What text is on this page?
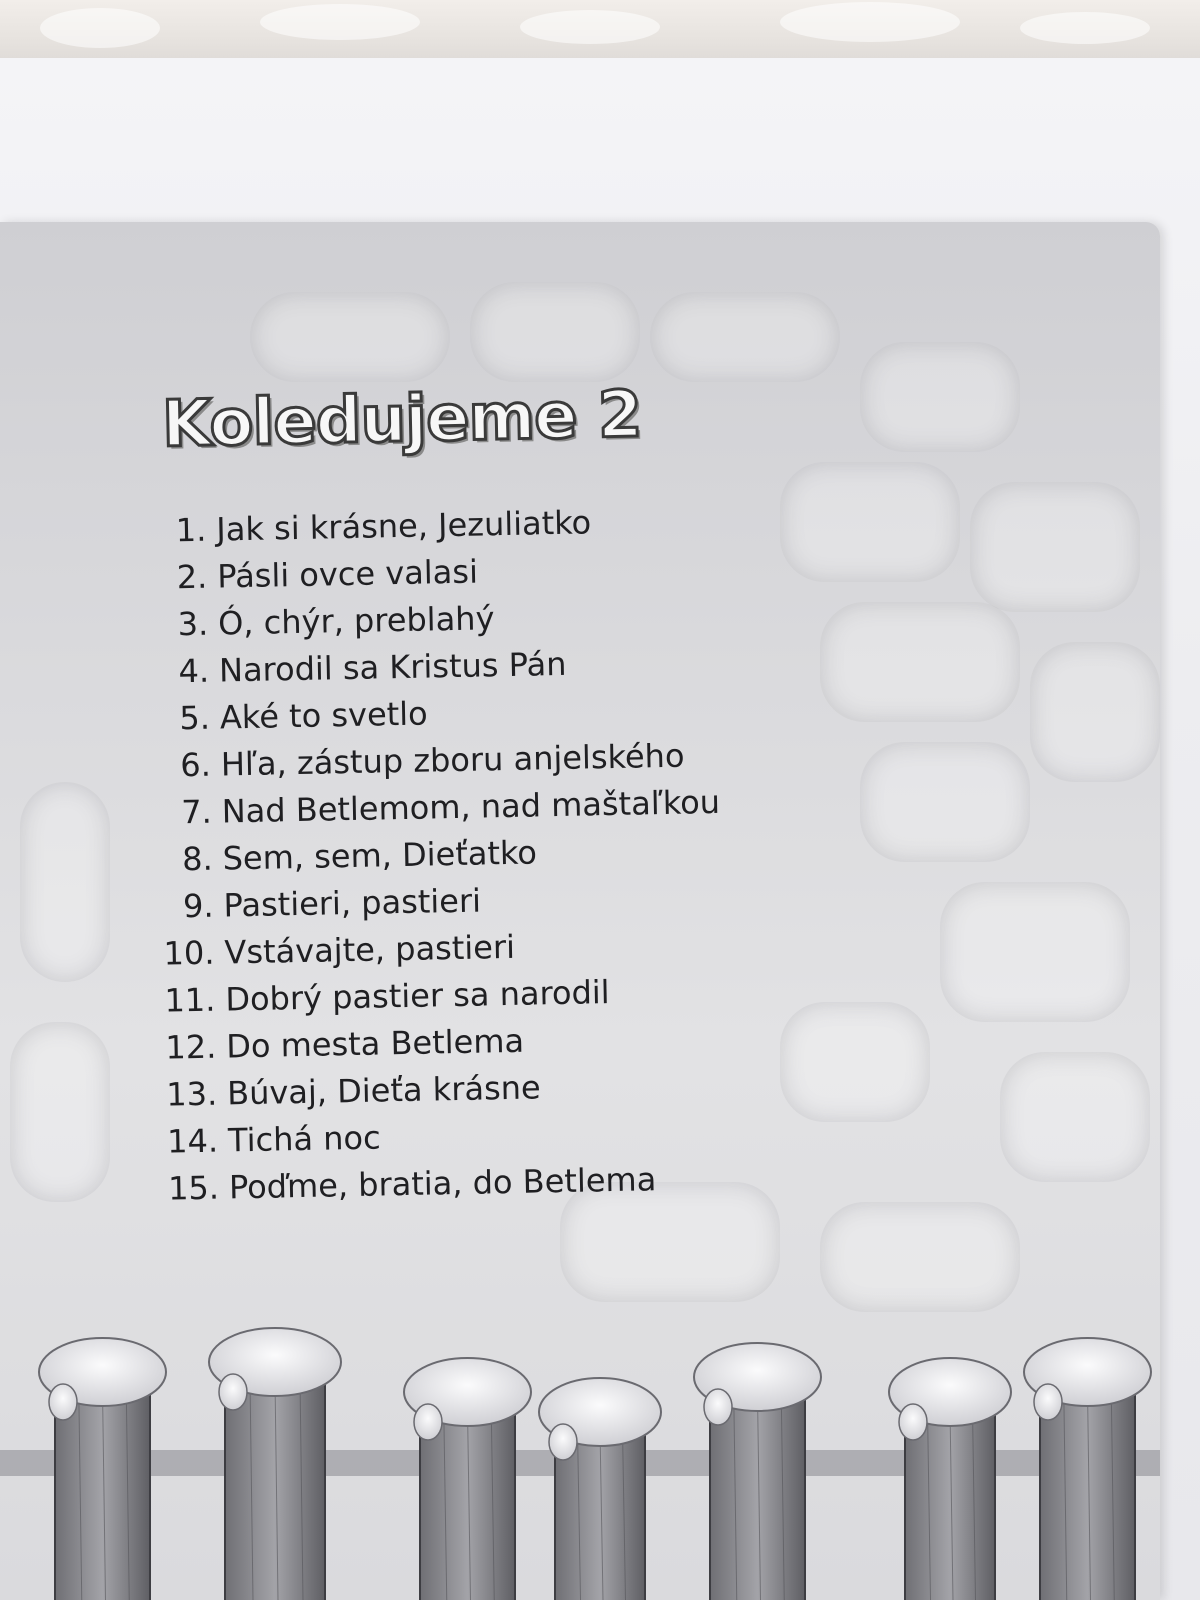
Koledujeme 2
1. Jak si krásne, Jezuliatko
2. Pásli ovce valasi
3. Ó, chýr, preblahý
4. Narodil sa Kristus Pán
5. Aké to svetlo
6. Hľa, zástup zboru anjelského
7. Nad Betlemom, nad maštaľkou
8. Sem, sem, Dieťatko
9. Pastieri, pastieri
10. Vstávajte, pastieri
11. Dobrý pastier sa narodil
12. Do mesta Betlema
13. Búvaj, Dieťa krásne
14. Tichá noc
15. Poďme, bratia, do Betlema
